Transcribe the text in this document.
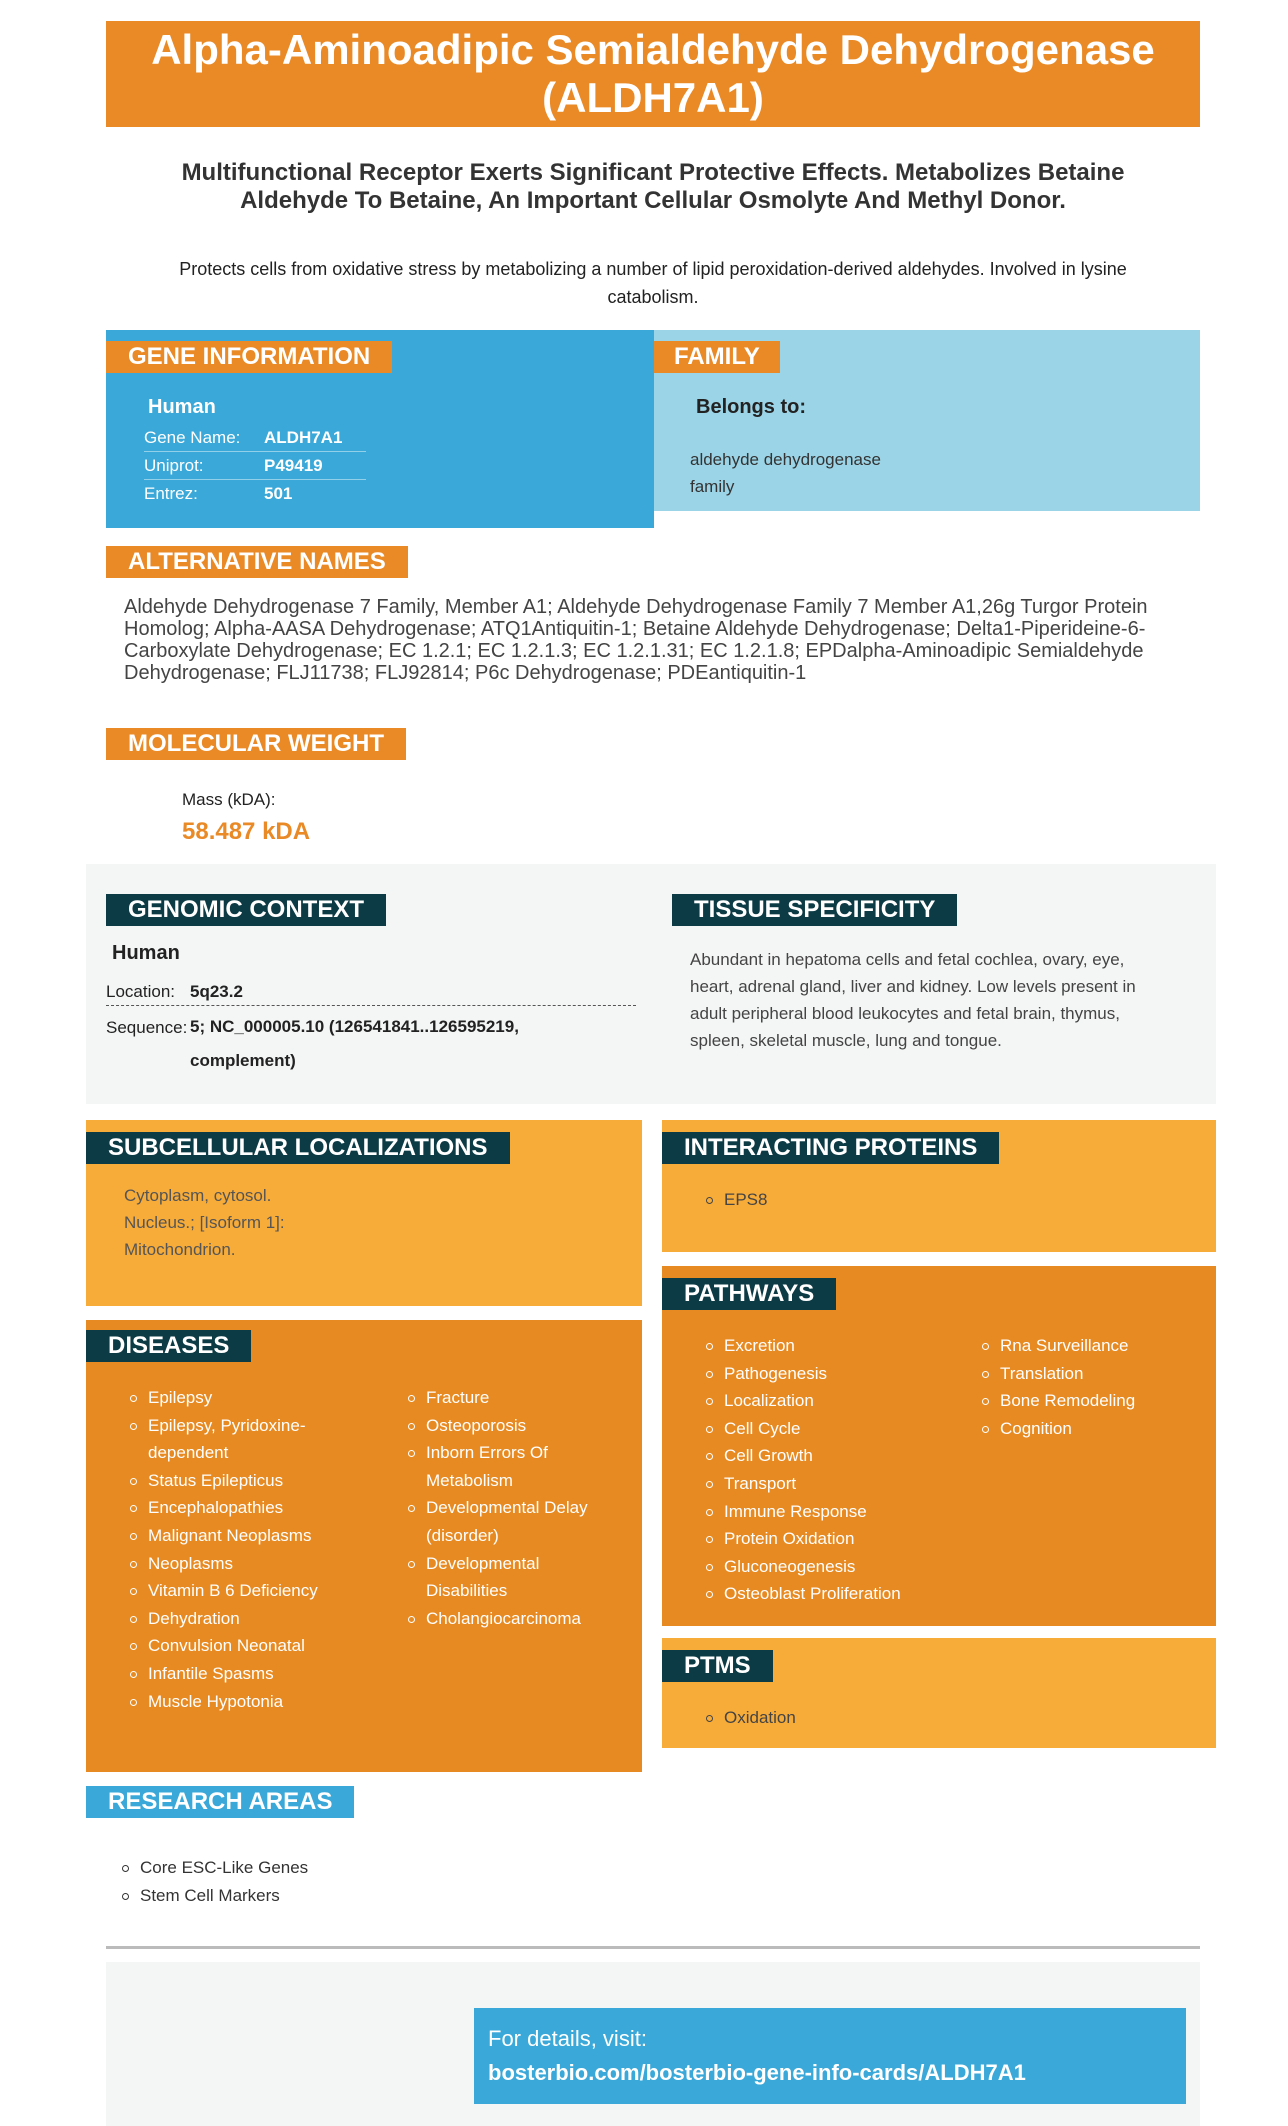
Alpha-Aminoadipic Semialdehyde Dehydrogenase (ALDH7A1)
Multifunctional Receptor Exerts Significant Protective Effects. Metabolizes Betaine Aldehyde To Betaine, An Important Cellular Osmolyte And Methyl Donor.
Protects cells from oxidative stress by metabolizing a number of lipid peroxidation-derived aldehydes. Involved in lysine catabolism.
GENE INFORMATION
Human
Gene Name:	ALDH7A1
Uniprot:	P49419
Entrez:	501
FAMILY
Belongs to:
aldehyde dehydrogenase
family
ALTERNATIVE NAMES
Aldehyde Dehydrogenase 7 Family, Member A1; Aldehyde Dehydrogenase Family 7 Member A1,26g Turgor Protein Homolog; Alpha-AASA Dehydrogenase; ATQ1Antiquitin-1; Betaine Aldehyde Dehydrogenase; Delta1-Piperideine-6-Carboxylate Dehydrogenase; EC 1.2.1; EC 1.2.1.3; EC 1.2.1.31; EC 1.2.1.8; EPDalpha-Aminoadipic Semialdehyde Dehydrogenase; FLJ11738; FLJ92814; P6c Dehydrogenase; PDEantiquitin-1
MOLECULAR WEIGHT
Mass (kDA):
58.487 kDA
GENOMIC CONTEXT
Human
Location: 5q23.2
Sequence: 5; NC_000005.10 (126541841..126595219,
complement)
TISSUE SPECIFICITY
Abundant in hepatoma cells and fetal cochlea, ovary, eye,
heart, adrenal gland, liver and kidney. Low levels present in
adult peripheral blood leukocytes and fetal brain, thymus,
spleen, skeletal muscle, lung and tongue.
SUBCELLULAR LOCALIZATIONS
Cytoplasm, cytosol.
Nucleus.; [Isoform 1]:
Mitochondrion.
INTERACTING PROTEINS
EPS8
DISEASES
Epilepsy
Epilepsy, Pyridoxine-
dependent
Status Epilepticus
Encephalopathies
Malignant Neoplasms
Neoplasms
Vitamin B 6 Deficiency
Dehydration
Convulsion Neonatal
Infantile Spasms
Muscle Hypotonia
Fracture
Osteoporosis
Inborn Errors Of
Metabolism
Developmental Delay
(disorder)
Developmental
Disabilities
Cholangiocarcinoma
PATHWAYS
Excretion
Pathogenesis
Localization
Cell Cycle
Cell Growth
Transport
Immune Response
Protein Oxidation
Gluconeogenesis
Osteoblast Proliferation
Rna Surveillance
Translation
Bone Remodeling
Cognition
PTMS
Oxidation
RESEARCH AREAS
Core ESC-Like Genes
Stem Cell Markers
For details, visit:
bosterbio.com/bosterbio-gene-info-cards/ALDH7A1
